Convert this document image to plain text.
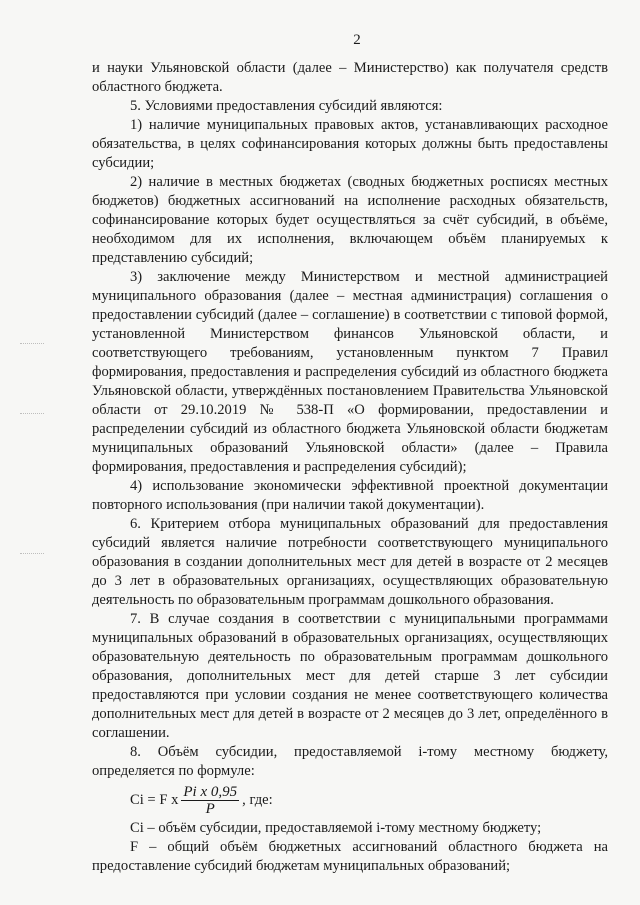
2

и науки Ульяновской области (далее – Министерство) как получателя средств областного бюджета.

5. Условиями предоставления субсидий являются:

1) наличие муниципальных правовых актов, устанавливающих расходное обязательства, в целях софинансирования которых должны быть предоставлены субсидии;

2) наличие в местных бюджетах (сводных бюджетных росписях местных бюджетов) бюджетных ассигнований на исполнение расходных обязательств, софинансирование которых будет осуществляться за счёт субсидий, в объёме, необходимом для их исполнения, включающем объём планируемых к представлению субсидий;

3) заключение между Министерством и местной администрацией муниципального образования (далее – местная администрация) соглашения о предоставлении субсидий (далее – соглашение) в соответствии с типовой формой, установленной Министерством финансов Ульяновской области, и соответствующего требованиям, установленным пунктом 7 Правил формирования, предоставления и распределения субсидий из областного бюджета Ульяновской области, утверждённых постановлением Правительства Ульяновской области от 29.10.2019 № 538-П «О формировании, предоставлении и распределении субсидий из областного бюджета Ульяновской области бюджетам муниципальных образований Ульяновской области» (далее – Правила формирования, предоставления и распределения субсидий);

4) использование экономически эффективной проектной документации повторного использования (при наличии такой документации).

6. Критерием отбора муниципальных образований для предоставления субсидий является наличие потребности соответствующего муниципального образования в создании дополнительных мест для детей в возрасте от 2 месяцев до 3 лет в образовательных организациях, осуществляющих образовательную деятельность по образовательным программам дошкольного образования.

7. В случае создания в соответствии с муниципальными программами муниципальных образований в образовательных организациях, осуществляющих образовательную деятельность по образовательным программам дошкольного образования, дополнительных мест для детей старше 3 лет субсидии предоставляются при условии создания не менее соответствующего количества дополнительных мест для детей в возрасте от 2 месяцев до 3 лет, определённого в соглашении.

8. Объём субсидии, предоставляемой i-тому местному бюджету, определяется по формуле:

Ci = F x $\frac{\text{Pi x 0,95}}{P}$ , где:

Ci – объём субсидии, предоставляемой i-тому местному бюджету;

F – общий объём бюджетных ассигнований областного бюджета на предоставление субсидий бюджетам муниципальных образований;
